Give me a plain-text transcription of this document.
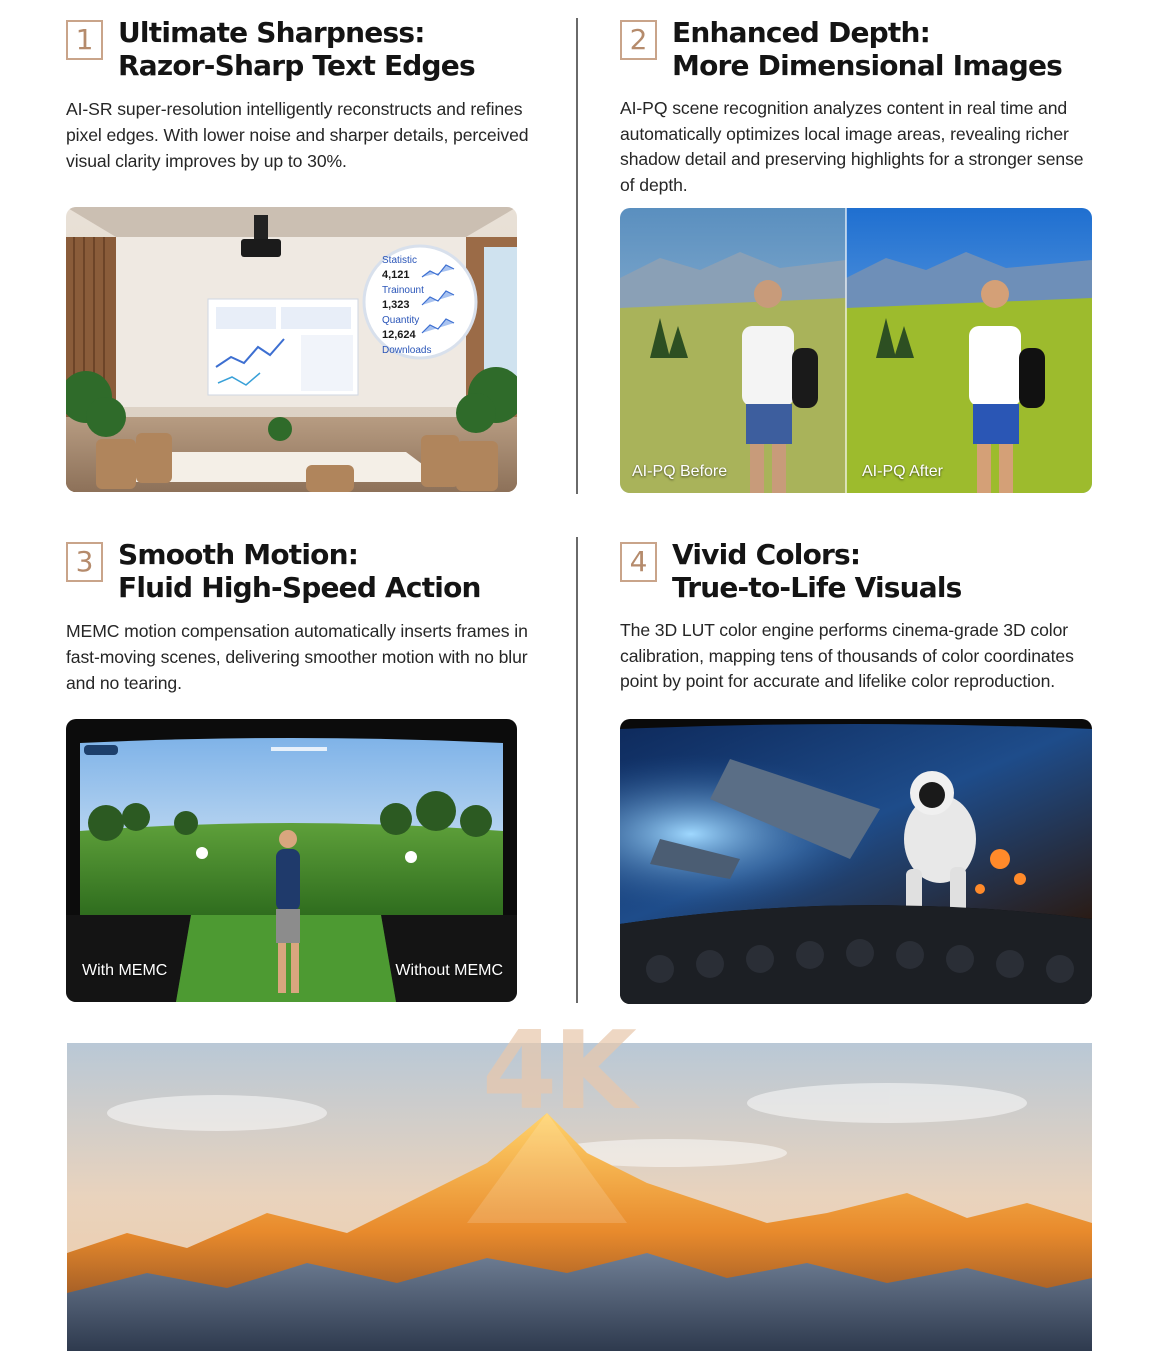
1 Ultimate Sharpness:
Razor-Sharp Text Edges

AI-SR super-resolution intelligently reconstructs and refines pixel edges. With lower noise and sharper details, perceived visual clarity improves by up to 30%.

2 Enhanced Depth:
More Dimensional Images

AI-PQ scene recognition analyzes content in real time and automatically optimizes local image areas, revealing richer shadow detail and preserving highlights for a stronger sense of depth.

3 Smooth Motion:
Fluid High-Speed Action

MEMC motion compensation automatically inserts frames in fast-moving scenes, delivering smoother motion with no blur and no tearing.

4 Vivid Colors:
True-to-Life Visuals

The 3D LUT color engine performs cinema-grade 3D color calibration, mapping tens of thousands of color coordinates point by point for accurate and lifelike color reproduction.

Statistic
4,121
Trainount
1,323
Quantity
12,624
Downloads
AI-PQ Before	AI-PQ After
With MEMC	Without MEMC
4K
